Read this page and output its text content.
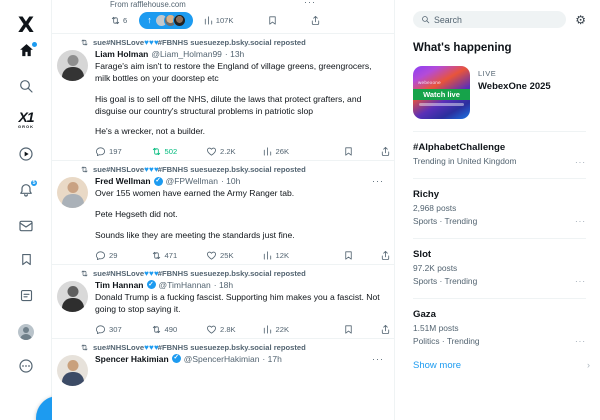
X
X1
GROK
5
From rafflehouse.com	···
6 ↑	107K
sue#NHSLove♥ ♥ ♥#FBNHS suesuezep.bsky.social reposted
Liam Holman @Liam_Holman99 · 13h

Farage's aim isn't to restore the England of village greens, greengrocers, milk bottles on your doorstep etc

His goal is to sell off the NHS, dilute the laws that protect grafters, and disguise our country's structural problems in patriotic slop

He's a wrecker, not a builder.

197	502	2.2K	26K
sue#NHSLove♥ ♥ ♥#FBNHS suesuezep.bsky.social reposted
Fred Wellman ✓ @FPWellman · 10h	···

Over 155 women have earned the Army Ranger tab.

Pete Hegseth did not.

Sounds like they are meeting the standards just fine.

29	471	25K	12K
sue#NHSLove♥ ♥ ♥#FBNHS suesuezep.bsky.social reposted
Tim Hannan ✓ @TimHannan · 18h

Donald Trump is a fucking fascist. Supporting him makes you a fascist. Not going to stop saying it.

307	490	2.8K	22K
sue#NHSLove♥ ♥ ♥#FBNHS suesuezep.bsky.social reposted
Spencer Hakimian ✓ @SpencerHakimian · 17h	···
Search	⚙
What's happening
webexone
Watch live
LIVE
WebexOne 2025
#AlphabetChallenge
Trending in United Kingdom	···
Richy
2,968 posts
Sports · Trending	···
Slot
97.2K posts
Sports · Trending	···
Gaza
1.51M posts
Politics · Trending	···
Show more	›
